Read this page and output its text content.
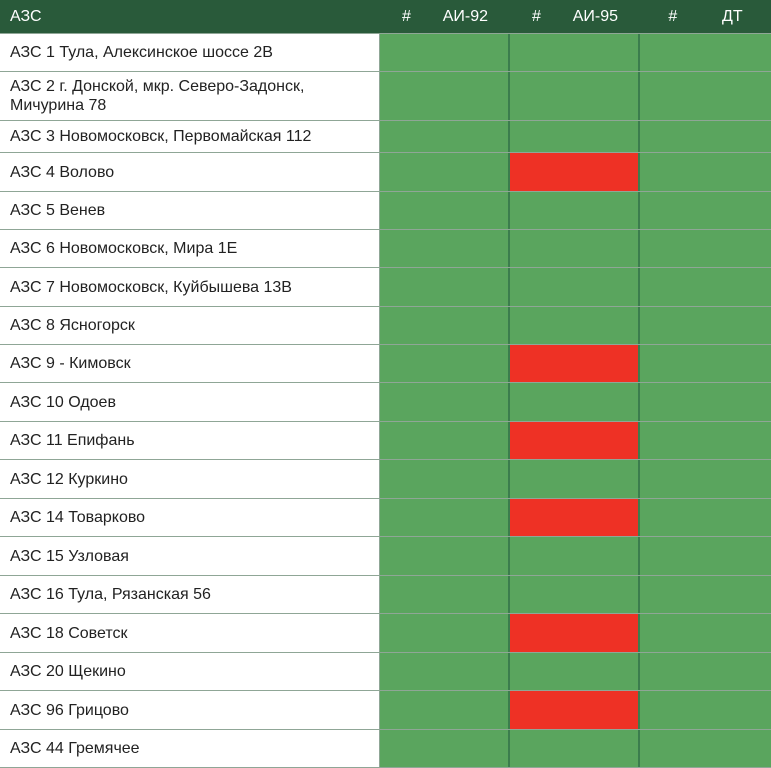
АЗС	# АИ-92	# АИ-95	#	ДТ
АЗС 1 Тула, Алексинское шоссе 2В
АЗС 2 г. Донской, мкр. Северо-Задонск, Мичурина 78
АЗС 3 Новомосковск, Первомайская 112
АЗС 4 Волово
АЗС 5 Венев
АЗС 6 Новомосковск, Мира 1Е
АЗС 7 Новомосковск, Куйбышева 13В
АЗС 8 Ясногорск
АЗС 9 - Кимовск
АЗС 10 Одоев
АЗС 11 Епифань
АЗС 12 Куркино
АЗС 14 Товарково
АЗС 15 Узловая
АЗС 16 Тула, Рязанская 56
АЗС 18 Советск
АЗС 20 Щекино
АЗС 96 Грицово
АЗС 44 Гремячее
